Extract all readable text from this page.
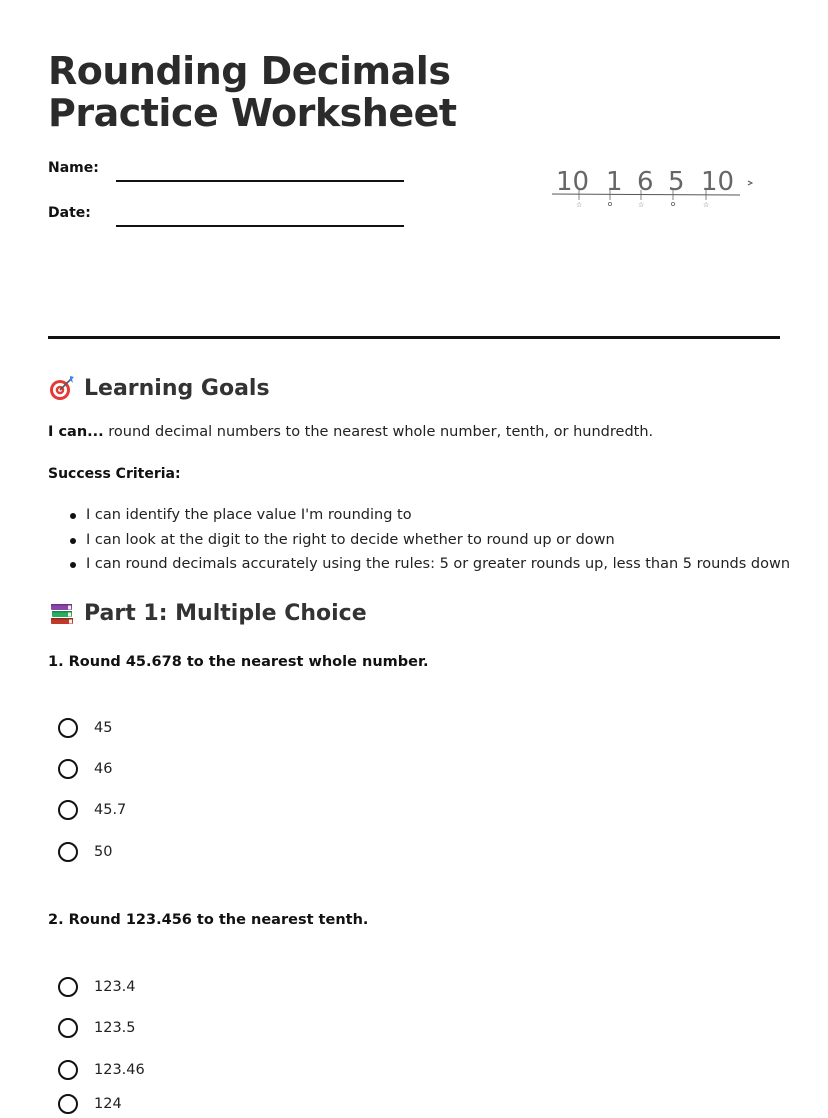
Rounding Decimals
Practice Worksheet
Name:
Date:
10 1 6 5 10
☆	☆	☆
Learning Goals
I can... round decimal numbers to the nearest whole number, tenth, or hundredth.
Success Criteria:
I can identify the place value I'm rounding to
I can look at the digit to the right to decide whether to round up or down
I can round decimals accurately using the rules: 5 or greater rounds up, less than 5 rounds down
Part 1: Multiple Choice
1. Round 45.678 to the nearest whole number.
45
46
45.7
50
2. Round 123.456 to the nearest tenth.
123.4
123.5
123.46
124
